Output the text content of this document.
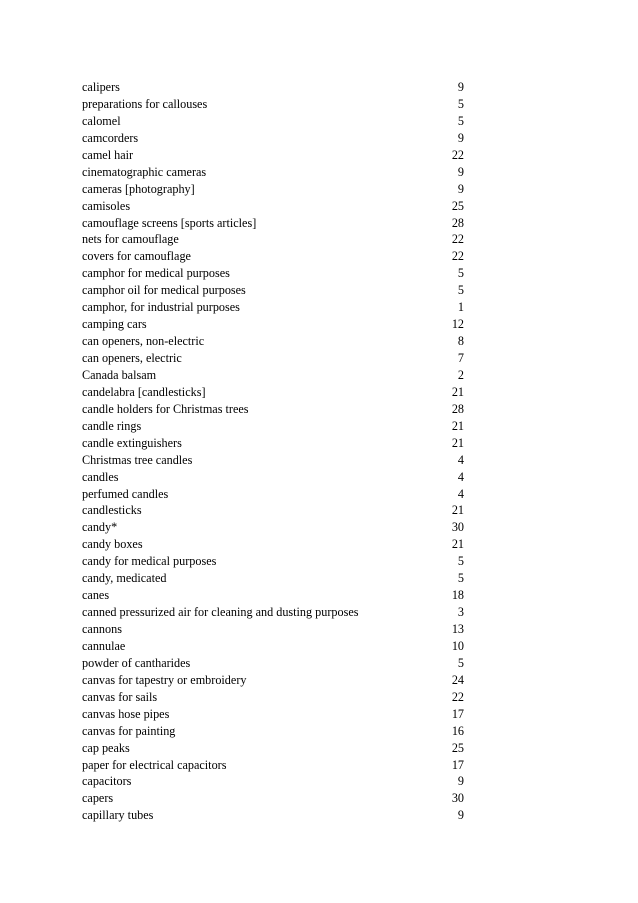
calipers	9
preparations for callouses	5
calomel	5
camcorders	9
camel hair	22
cinematographic cameras	9
cameras [photography]	9
camisoles	25
camouflage screens [sports articles]	28
nets for camouflage	22
covers for camouflage	22
camphor for medical purposes	5
camphor oil for medical purposes	5
camphor, for industrial purposes	1
camping cars	12
can openers, non-electric	8
can openers, electric	7
Canada balsam	2
candelabra [candlesticks]	21
candle holders for Christmas trees	28
candle rings	21
candle extinguishers	21
Christmas tree candles	4
candles	4
perfumed candles	4
candlesticks	21
candy*	30
candy boxes	21
candy for medical purposes	5
candy, medicated	5
canes	18
canned pressurized air for cleaning and dusting purposes	3
cannons	13
cannulae	10
powder of cantharides	5
canvas for tapestry or embroidery	24
canvas for sails	22
canvas hose pipes	17
canvas for painting	16
cap peaks	25
paper for electrical capacitors	17
capacitors	9
capers	30
capillary tubes	9
